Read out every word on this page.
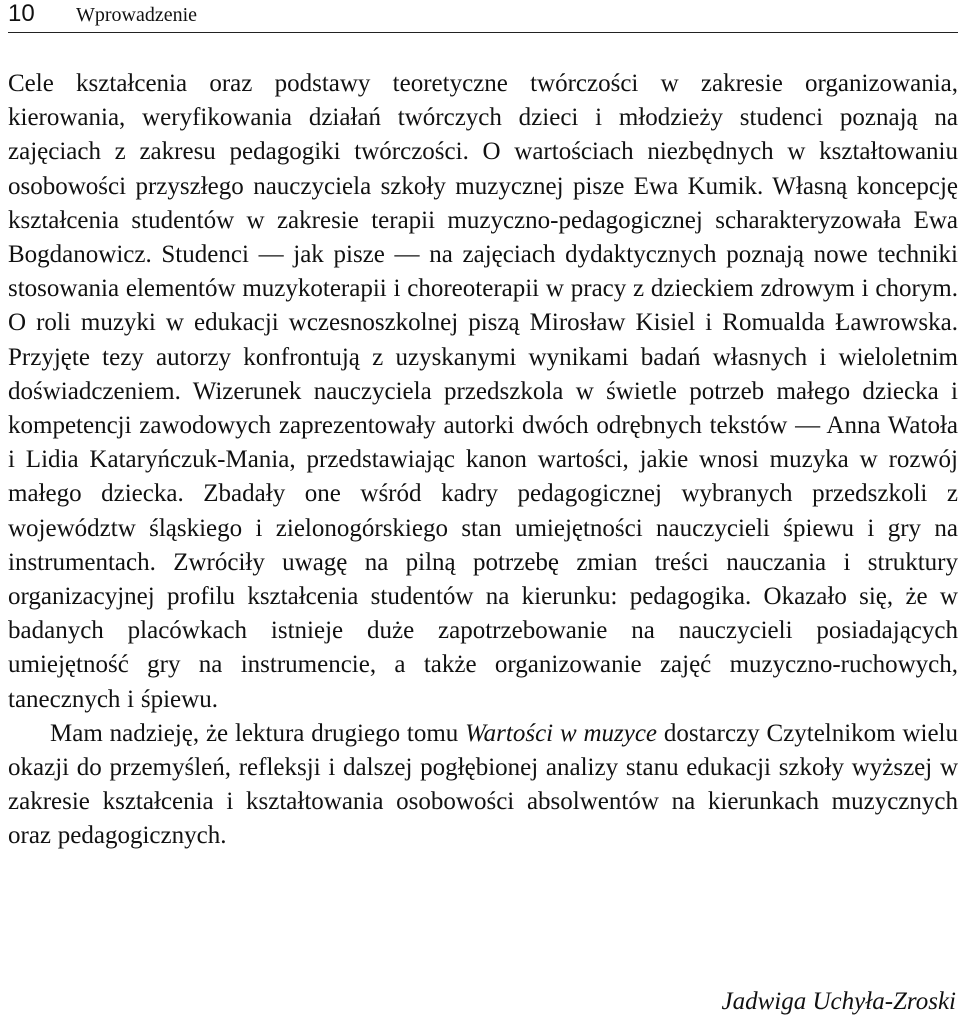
10 Wprowadzenie

Cele kształcenia oraz podstawy teoretyczne twórczości w zakresie organizowania, kierowania, weryfikowania działań twórczych dzieci i młodzieży studenci poznają na zajęciach z zakresu pedagogiki twórczości. O wartościach niezbędnych w kształtowaniu osobowości przyszłego nauczyciela szkoły muzycznej pisze Ewa Kumik. Własną koncepcję kształcenia studentów w zakresie terapii muzyczno-pedagogicznej scharakteryzowała Ewa Bogdanowicz. Studenci — jak pisze — na zajęciach dydaktycznych poznają nowe techniki stosowania elementów muzykoterapii i choreoterapii w pracy z dzieckiem zdrowym i chorym. O roli muzyki w edukacji wczesnoszkolnej piszą Mirosław Kisiel i Romualda Ławrowska. Przyjęte tezy autorzy konfrontują z uzyskanymi wynikami badań własnych i wieloletnim doświadczeniem. Wizerunek nauczyciela przedszkola w świetle potrzeb małego dziecka i kompetencji zawodowych zaprezentowały autorki dwóch odrębnych tekstów — Anna Watoła i Lidia Kataryńczuk-Mania, przedstawiając kanon wartości, jakie wnosi muzyka w rozwój małego dziecka. Zbadały one wśród kadry pedagogicznej wybranych przedszkoli z województw śląskiego i zielonogórskiego stan umiejętności nauczycieli śpiewu i gry na instrumentach. Zwróciły uwagę na pilną potrzebę zmian treści nauczania i struktury organizacyjnej profilu kształcenia studentów na kierunku: pedagogika. Okazało się, że w badanych placówkach istnieje duże zapotrzebowanie na nauczycieli posiadających umiejętność gry na instrumencie, a także organizowanie zajęć muzyczno-ruchowych, tanecznych i śpiewu.

Mam nadzieję, że lektura drugiego tomu Wartości w muzyce dostarczy Czytelnikom wielu okazji do przemyśleń, refleksji i dalszej pogłębionej analizy stanu edukacji szkoły wyższej w zakresie kształcenia i kształtowania osobowości absolwentów na kierunkach muzycznych oraz pedagogicznych.

Jadwiga Uchyła-Zroski
